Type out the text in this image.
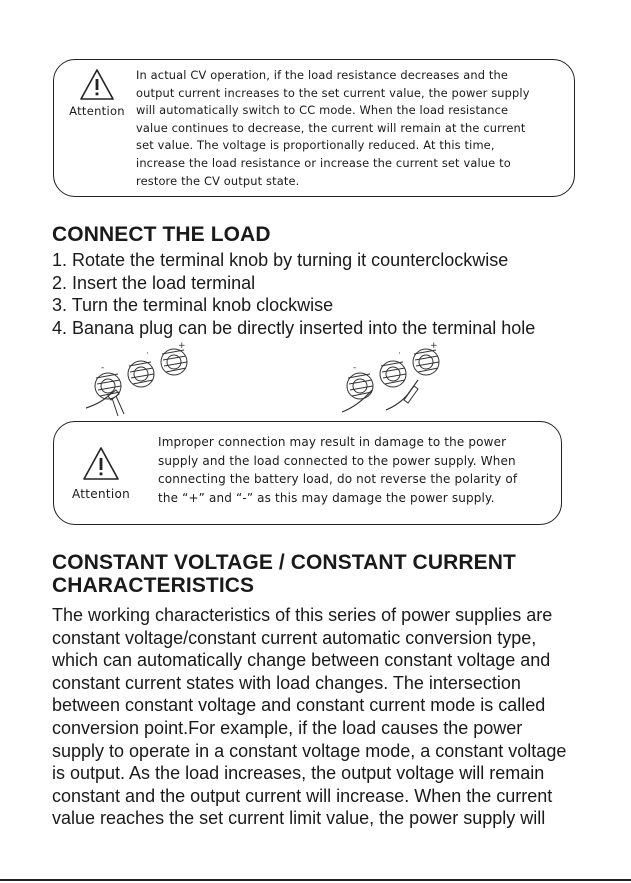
Attention
In actual CV operation, if the load resistance decreases and the
output current increases to the set current value, the power supply
will automatically switch to CC mode. When the load resistance
value continues to decrease, the current will remain at the current
set value. The voltage is proportionally reduced. At this time,
increase the load resistance or increase the current set value to
restore the CV output state.
CONNECT THE LOAD
1. Rotate the terminal knob by turning it counterclockwise
2. Insert the load terminal
3. Turn the terminal knob clockwise
4. Banana plug can be directly inserted into the terminal hole
-
·
+
-
·
+
Attention
Improper connection may result in damage to the power
supply and the load connected to the power supply. When
connecting the battery load, do not reverse the polarity of
the “+” and “-” as this may damage the power supply.
CONSTANT VOLTAGE / CONSTANT CURRENT CHARACTERISTICS

The working characteristics of this series of power supplies are
constant voltage/constant current automatic conversion type,
which can automatically change between constant voltage and
constant current states with load changes. The intersection
between constant voltage and constant current mode is called
conversion point.For example, if the load causes the power
supply to operate in a constant voltage mode, a constant voltage
is output. As the load increases, the output voltage will remain
constant and the output current will increase. When the current
value reaches the set current limit value, the power supply will
